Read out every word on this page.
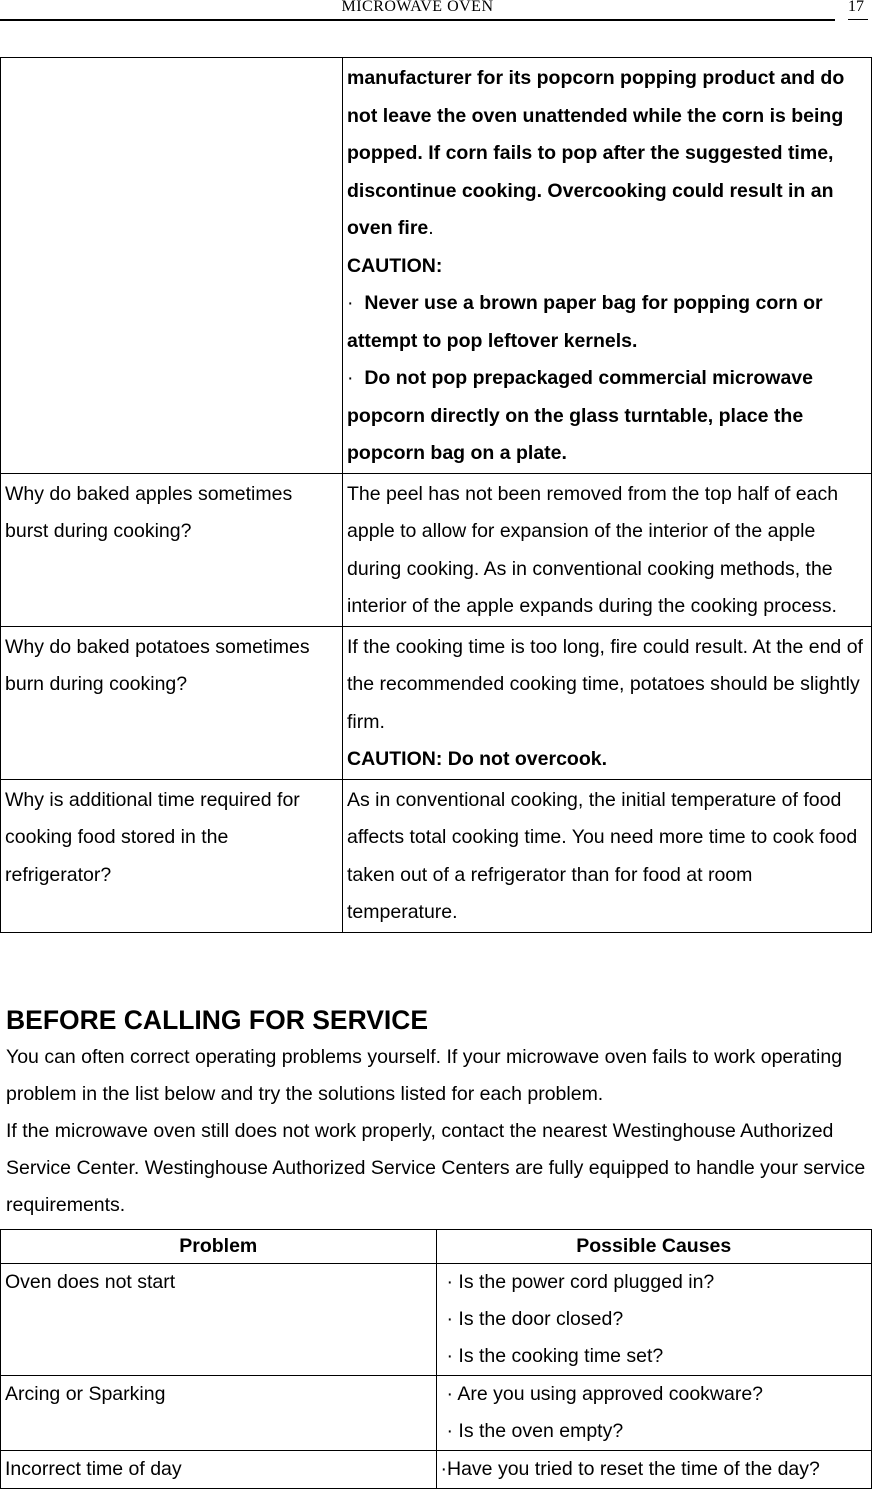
MICROWAVE OVEN	17
	manufacturer for its popcorn popping product and do not leave the oven unattended while the corn is being popped. If corn fails to pop after the suggested time, discontinue cooking. Overcooking could result in an oven fire.
CAUTION:
·  Never use a brown paper bag for popping corn or attempt to pop leftover kernels.
·  Do not pop prepackaged commercial microwave popcorn directly on the glass turntable, place the popcorn bag on a plate.

Why do baked apples sometimes burst during cooking?	The peel has not been removed from the top half of each apple to allow for expansion of the interior of the apple during cooking. As in conventional cooking methods, the interior of the apple expands during the cooking process.
Why do baked potatoes sometimes burn during cooking?	If the cooking time is too long, fire could result. At the end of the recommended cooking time, potatoes should be slightly firm.
CAUTION: Do not overcook.

Why is additional time required for cooking food stored in the refrigerator?	As in conventional cooking, the initial temperature of food affects total cooking time. You need more time to cook food taken out of a refrigerator than for food at room temperature.
BEFORE CALLING FOR SERVICE

You can often correct operating problems yourself. If your microwave oven fails to work operating problem in the list below and try the solutions listed for each problem.

If the microwave oven still does not work properly, contact the nearest Westinghouse Authorized Service Center. Westinghouse Authorized Service Centers are fully equipped to handle your service requirements.

Problem	Possible Causes
Oven does not start	· Is the power cord plugged in?
· Is the door closed?
· Is the cooking time set?

Arcing or Sparking	· Are you using approved cookware?
· Is the oven empty?

Incorrect time of day	·Have you tried to reset the time of the day?
